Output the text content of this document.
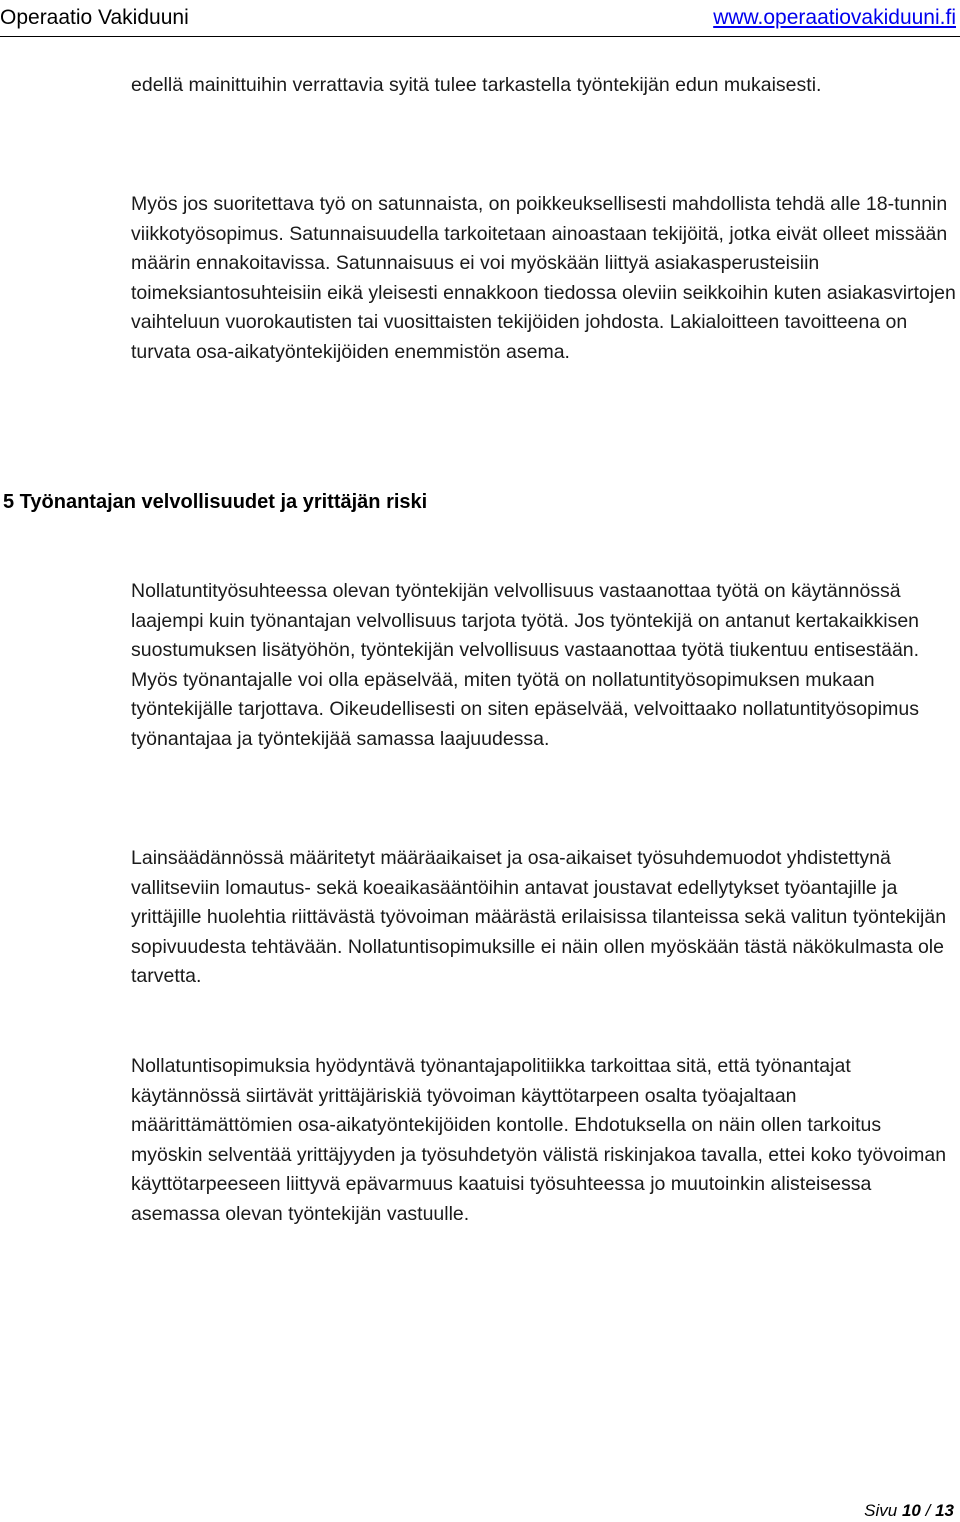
Operaatio Vakiduuni	www.operaatiovakiduuni.fi

edellä mainittuihin verrattavia syitä tulee tarkastella työntekijän edun mukaisesti.

Myös jos suoritettava työ on satunnaista, on poikkeuksellisesti mahdollista tehdä alle 18-tunnin viikkotyösopimus. Satunnaisuudella tarkoitetaan ainoastaan tekijöitä, jotka eivät olleet missään määrin ennakoitavissa. Satunnaisuus ei voi myöskään liittyä asiakasperusteisiin toimeksiantosuhteisiin eikä yleisesti ennakkoon tiedossa oleviin seikkoihin kuten asiakasvirtojen vaihteluun vuorokautisten tai vuosittaisten tekijöiden johdosta. Lakialoitteen tavoitteena on turvata osa-aikatyöntekijöiden enemmistön asema.

5 Työnantajan velvollisuudet ja yrittäjän riski

Nollatuntityösuhteessa olevan työntekijän velvollisuus vastaanottaa työtä on käytännössä laajempi kuin työnantajan velvollisuus tarjota työtä. Jos työntekijä on antanut kertakaikkisen suostumuksen lisätyöhön, työntekijän velvollisuus vastaanottaa työtä tiukentuu entisestään. Myös työnantajalle voi olla epäselvää, miten työtä on nollatuntityösopimuksen mukaan työntekijälle tarjottava. Oikeudellisesti on siten epäselvää, velvoittaako nollatuntityösopimus työnantajaa ja työntekijää samassa laajuudessa.

Lainsäädännössä määritetyt määräaikaiset ja osa-aikaiset työsuhdemuodot yhdistettynä vallitseviin lomautus- sekä koeaikasääntöihin antavat joustavat edellytykset työantajille ja yrittäjille huolehtia riittävästä työvoiman määrästä erilaisissa tilanteissa sekä valitun työntekijän sopivuudesta tehtävään. Nollatuntisopimuksille ei näin ollen myöskään tästä näkökulmasta ole tarvetta.

Nollatuntisopimuksia hyödyntävä työnantajapolitiikka tarkoittaa sitä, että työnantajat käytännössä siirtävät yrittäjäriskiä työvoiman käyttötarpeen osalta työajaltaan määrittämättömien osa-aikatyöntekijöiden kontolle. Ehdotuksella on näin ollen tarkoitus myöskin selventää yrittäjyyden ja työsuhdetyön välistä riskinjakoa tavalla, ettei koko työvoiman käyttötarpeeseen liittyvä epävarmuus kaatuisi työsuhteessa jo muutoinkin alisteisessa asemassa olevan työntekijän vastuulle.

Sivu 10 / 13
